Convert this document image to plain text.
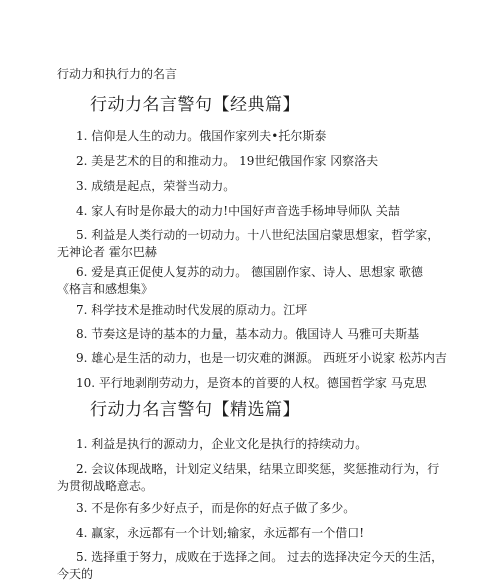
行动力和执行力的名言
行动力名言警句【经典篇】
1. 信仰是人生的动力。俄国作家列夫•托尔斯泰
2. 美是艺术的目的和推动力。 19世纪俄国作家 冈察洛夫
3. 成绩是起点，荣誉当动力。
4. 家人有时是你最大的动力!中国好声音选手杨坤导师队 关喆
5. 利益是人类行动的一切动力。十八世纪法国启蒙思想家，哲学家，无神论者 霍尔巴赫
6. 爱是真正促使人复苏的动力。 德国剧作家、诗人、思想家 歌德 《格言和感想集》
7. 科学技术是推动时代发展的原动力。江坪
8. 节奏这是诗的基本的力量，基本动力。俄国诗人 马雅可夫斯基
9. 雄心是生活的动力，也是一切灾难的渊源。 西班牙小说家 松苏内吉
10. 平行地剥削劳动力，是资本的首要的人权。德国哲学家 马克思
行动力名言警句【精选篇】
1. 利益是执行的源动力，企业文化是执行的持续动力。
2. 会议体现战略，计划定义结果，结果立即奖惩，奖惩推动行为，行为贯彻战略意志。
3. 不是你有多少好点子，而是你的好点子做了多少。
4. 赢家，永远都有一个计划;输家，永远都有一个借口!
5. 选择重于努力，成败在于选择之间。 过去的选择决定今天的生活，今天的
